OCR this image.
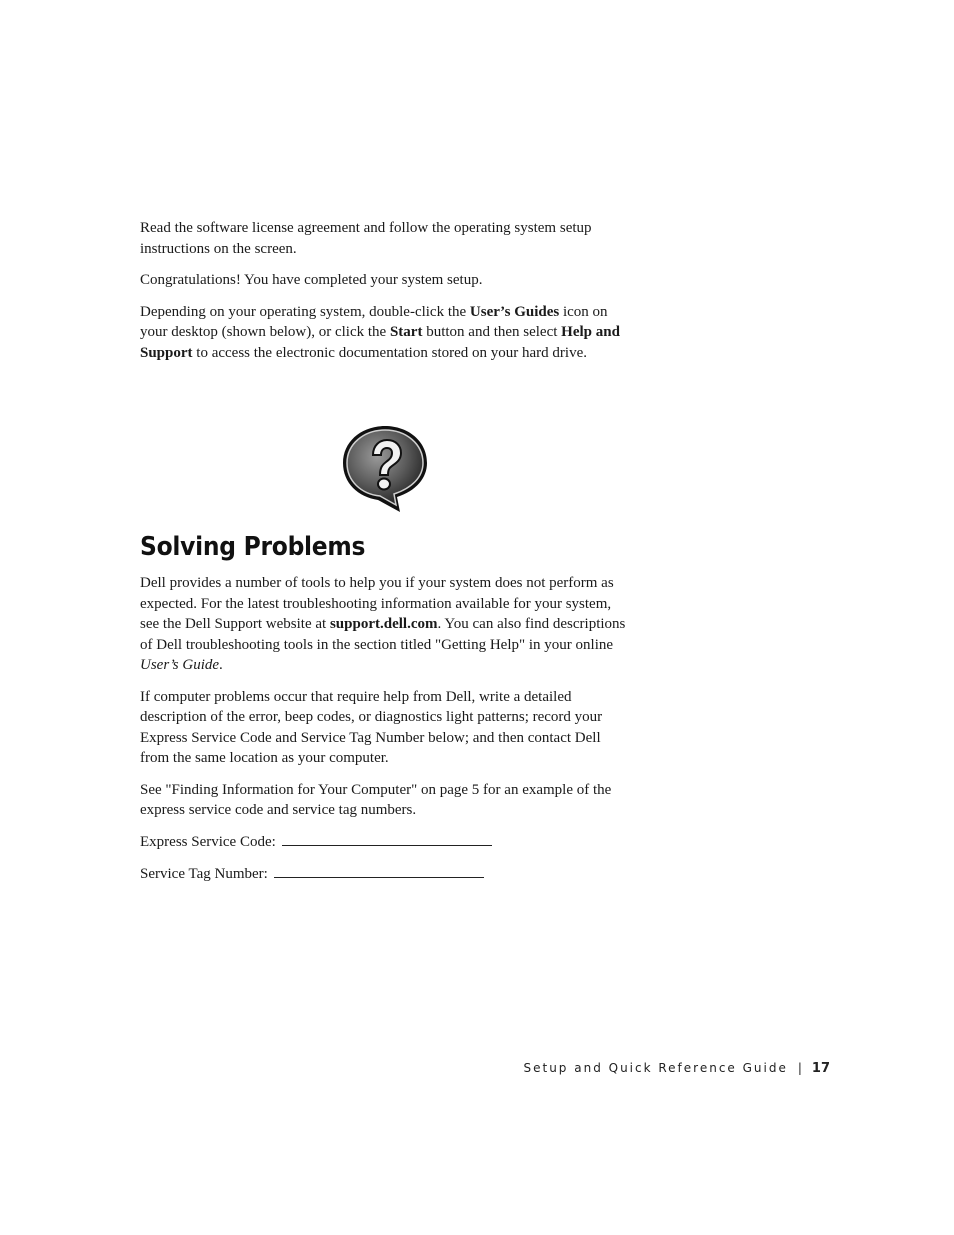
Read the software license agreement and follow the operating system setup instructions on the screen.

Congratulations! You have completed your system setup.

Depending on your operating system, double-click the User’s Guides icon on your desktop (shown below), or click the Start button and then select Help and Support to access the electronic documentation stored on your hard drive.

Solving Problems

Dell provides a number of tools to help you if your system does not perform as expected. For the latest troubleshooting information available for your system, see the Dell Support website at support.dell.com. You can also find descriptions of Dell troubleshooting tools in the section titled "Getting Help" in your online User’s Guide.

If computer problems occur that require help from Dell, write a detailed description of the error, beep codes, or diagnostics light patterns; record your Express Service Code and Service Tag Number below; and then contact Dell from the same location as your computer.

See "Finding Information for Your Computer" on page 5 for an example of the express service code and service tag numbers.

Express Service Code:

Service Tag Number:

Setup and Quick Reference Guide | 17
